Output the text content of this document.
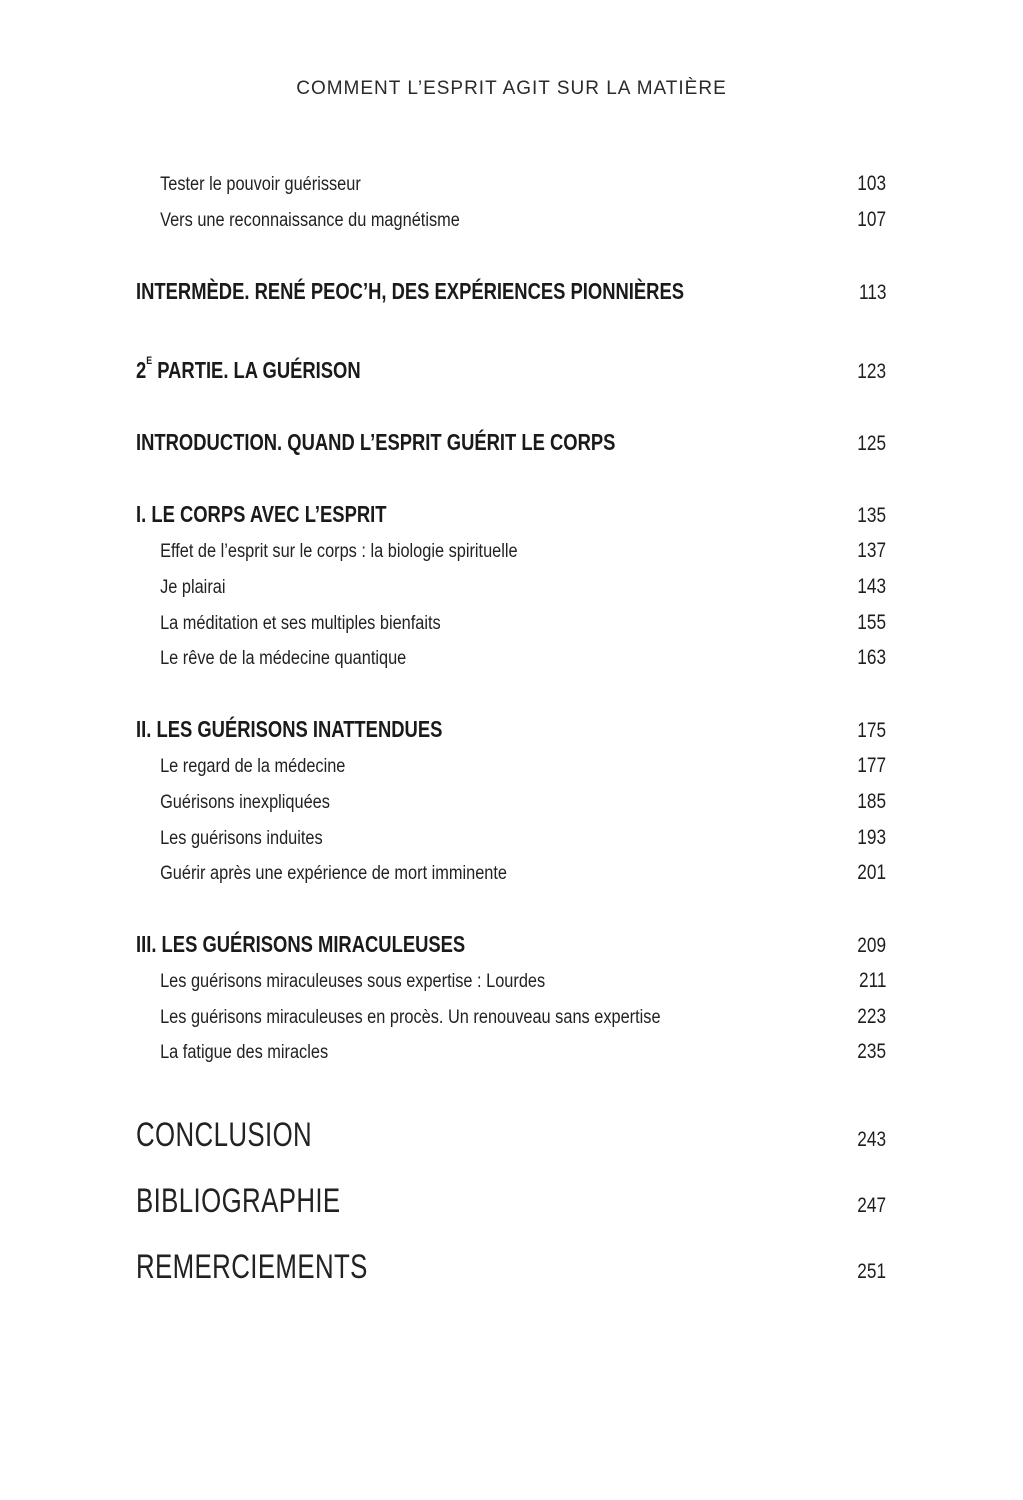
COMMENT L’ESPRIT AGIT SUR LA MATIÈRE
Tester le pouvoir guérisseur	103
Vers une reconnaissance du magnétisme	107
INTERMÈDE. RENÉ PEOC’H, DES EXPÉRIENCES PIONNIÈRES	113
$2^E$ PARTIE. LA GUÉRISON	123
INTRODUCTION. QUAND L’ESPRIT GUÉRIT LE CORPS	125
I. LE CORPS AVEC L’ESPRIT	135
Effet de l’esprit sur le corps : la biologie spirituelle	137
Je plairai	143
La méditation et ses multiples bienfaits	155
Le rêve de la médecine quantique	163
II. LES GUÉRISONS INATTENDUES	175
Le regard de la médecine	177
Guérisons inexpliquées	185
Les guérisons induites	193
Guérir après une expérience de mort imminente	201
III. LES GUÉRISONS MIRACULEUSES	209
Les guérisons miraculeuses sous expertise : Lourdes	211
Les guérisons miraculeuses en procès. Un renouveau sans expertise	223
La fatigue des miracles	235
CONCLUSION	243
BIBLIOGRAPHIE	247
REMERCIEMENTS	251
